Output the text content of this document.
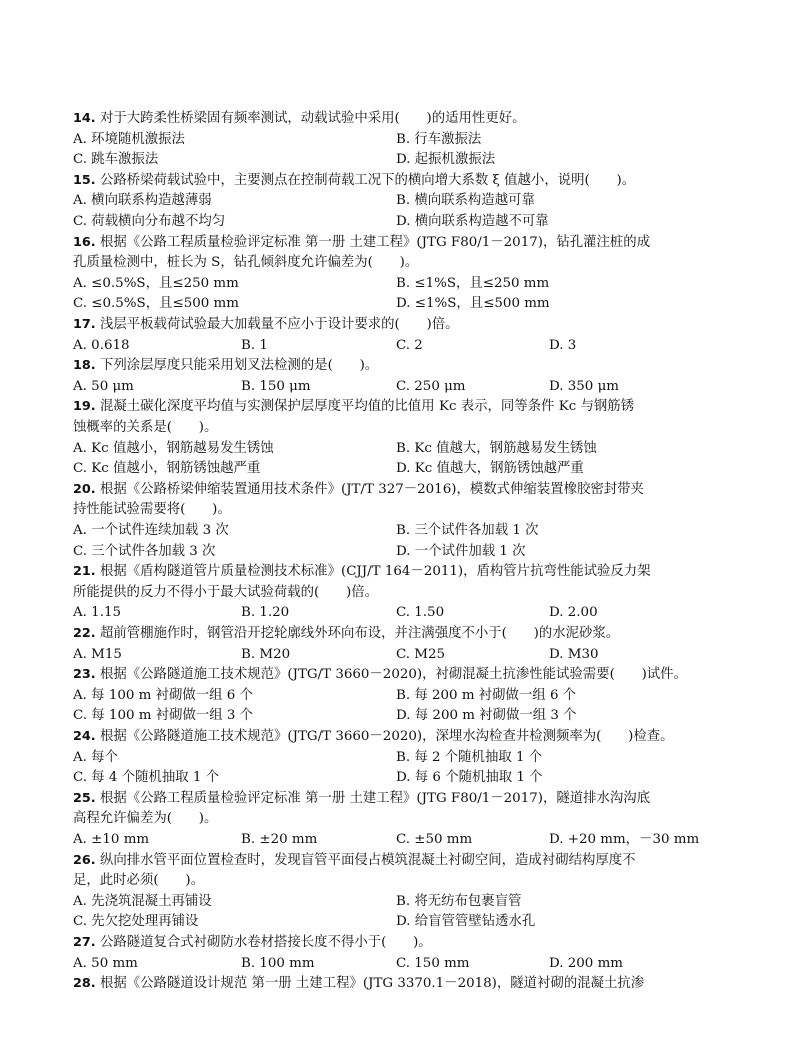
14. 对于大跨柔性桥梁固有频率测试，动载试验中采用(　　)的适用性更好。
A. 环境随机激振法	B. 行车激振法
C. 跳车激振法	D. 起振机激振法
15. 公路桥梁荷载试验中，主要测点在控制荷载工况下的横向增大系数 ξ 值越小，说明(　　)。
A. 横向联系构造越薄弱	B. 横向联系构造越可靠
C. 荷载横向分布越不均匀	D. 横向联系构造越不可靠
16. 根据《公路工程质量检验评定标准 第一册 土建工程》(JTG F80/1－2017)，钻孔灌注桩的成
孔质量检测中，桩长为 S，钻孔倾斜度允许偏差为(　　)。
A. ≤0.5%S，且≤250 mm	B. ≤1%S，且≤250 mm
C. ≤0.5%S，且≤500 mm	D. ≤1%S，且≤500 mm
17. 浅层平板载荷试验最大加载量不应小于设计要求的(　　)倍。
A. 0.618	B. 1	C. 2	D. 3
18. 下列涂层厚度只能采用划叉法检测的是(　　)。
A. 50 μm	B. 150 μm	C. 250 μm	D. 350 μm
19. 混凝土碳化深度平均值与实测保护层厚度平均值的比值用 Kc 表示，同等条件 Kc 与钢筋锈
蚀概率的关系是(　　)。
A. Kc 值越小，钢筋越易发生锈蚀	B. Kc 值越大，钢筋越易发生锈蚀
C. Kc 值越小，钢筋锈蚀越严重	D. Kc 值越大，钢筋锈蚀越严重
20. 根据《公路桥梁伸缩装置通用技术条件》(JT/T 327－2016)，模数式伸缩装置橡胶密封带夹
持性能试验需要将(　　)。
A. 一个试件连续加载 3 次	B. 三个试件各加载 1 次
C. 三个试件各加载 3 次	D. 一个试件加载 1 次
21. 根据《盾构隧道管片质量检测技术标准》(CJJ/T 164－2011)，盾构管片抗弯性能试验反力架
所能提供的反力不得小于最大试验荷载的(　　)倍。
A. 1.15	B. 1.20	C. 1.50	D. 2.00
22. 超前管棚施作时，钢管沿开挖轮廓线外环向布设，并注满强度不小于(　　)的水泥砂浆。
A. M15	B. M20	C. M25	D. M30
23. 根据《公路隧道施工技术规范》(JTG/T 3660－2020)，衬砌混凝土抗渗性能试验需要(　　)试件。
A. 每 100 m 衬砌做一组 6 个	B. 每 200 m 衬砌做一组 6 个
C. 每 100 m 衬砌做一组 3 个	D. 每 200 m 衬砌做一组 3 个
24. 根据《公路隧道施工技术规范》(JTG/T 3660－2020)，深埋水沟检查井检测频率为(　　)检查。
A. 每个	B. 每 2 个随机抽取 1 个
C. 每 4 个随机抽取 1 个	D. 每 6 个随机抽取 1 个
25. 根据《公路工程质量检验评定标准 第一册 土建工程》(JTG F80/1－2017)，隧道排水沟沟底
高程允许偏差为(　　)。
A. ±10 mm	B. ±20 mm	C. ±50 mm	D. +20 mm，－30 mm
26. 纵向排水管平面位置检查时，发现盲管平面侵占模筑混凝土衬砌空间，造成衬砌结构厚度不
足，此时必须(　　)。
A. 先浇筑混凝土再铺设	B. 将无纺布包裹盲管
C. 先欠挖处理再铺设	D. 给盲管管壁钻透水孔
27. 公路隧道复合式衬砌防水卷材搭接长度不得小于(　　)。
A. 50 mm	B. 100 mm	C. 150 mm	D. 200 mm
28. 根据《公路隧道设计规范 第一册 土建工程》(JTG 3370.1－2018)，隧道衬砌的混凝土抗渗
